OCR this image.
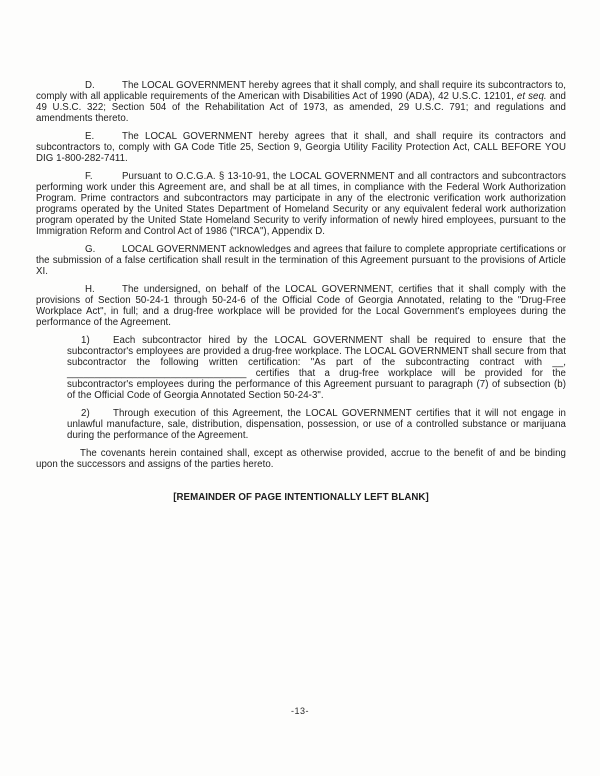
D.	The LOCAL GOVERNMENT hereby agrees that it shall comply, and shall require its subcontractors to, comply with all applicable requirements of the American with Disabilities Act of 1990 (ADA), 42 U.S.C. 12101, et seq. and 49 U.S.C. 322; Section 504 of the Rehabilitation Act of 1973, as amended, 29 U.S.C. 791; and regulations and amendments thereto.

E.	The LOCAL GOVERNMENT hereby agrees that it shall, and shall require its contractors and subcontractors to, comply with GA Code Title 25, Section 9, Georgia Utility Facility Protection Act, CALL BEFORE YOU DIG 1-800-282-7411.

F.	Pursuant to O.C.G.A. § 13-10-91, the LOCAL GOVERNMENT and all contractors and subcontractors performing work under this Agreement are, and shall be at all times, in compliance with the Federal Work Authorization Program. Prime contractors and subcontractors may participate in any of the electronic verification work authorization programs operated by the United States Department of Homeland Security or any equivalent federal work authorization program operated by the United State Homeland Security to verify information of newly hired employees, pursuant to the Immigration Reform and Control Act of 1986 ("IRCA"), Appendix D.

G.	LOCAL GOVERNMENT acknowledges and agrees that failure to complete appropriate certifications or the submission of a false certification shall result in the termination of this Agreement pursuant to the provisions of Article XI.

H.	The undersigned, on behalf of the LOCAL GOVERNMENT, certifies that it shall comply with the provisions of Section 50-24-1 through 50-24-6 of the Official Code of Georgia Annotated, relating to the "Drug-Free Workplace Act", in full; and a drug-free workplace will be provided for the Local Government's employees during the performance of the Agreement.

1) Each subcontractor hired by the LOCAL GOVERNMENT shall be required to ensure that the subcontractor's employees are provided a drug-free workplace. The LOCAL GOVERNMENT shall secure from that subcontractor the following written certification: "As part of the subcontracting contract with __, _________________________________ certifies that a drug-free workplace will be provided for the subcontractor's employees during the performance of this Agreement pursuant to paragraph (7) of subsection (b) of the Official Code of Georgia Annotated Section 50-24-3".

2) Through execution of this Agreement, the LOCAL GOVERNMENT certifies that it will not engage in unlawful manufacture, sale, distribution, dispensation, possession, or use of a controlled substance or marijuana during the performance of the Agreement.

The covenants herein contained shall, except as otherwise provided, accrue to the benefit of and be binding upon the successors and assigns of the parties hereto.

[REMAINDER OF PAGE INTENTIONALLY LEFT BLANK]

-13-
